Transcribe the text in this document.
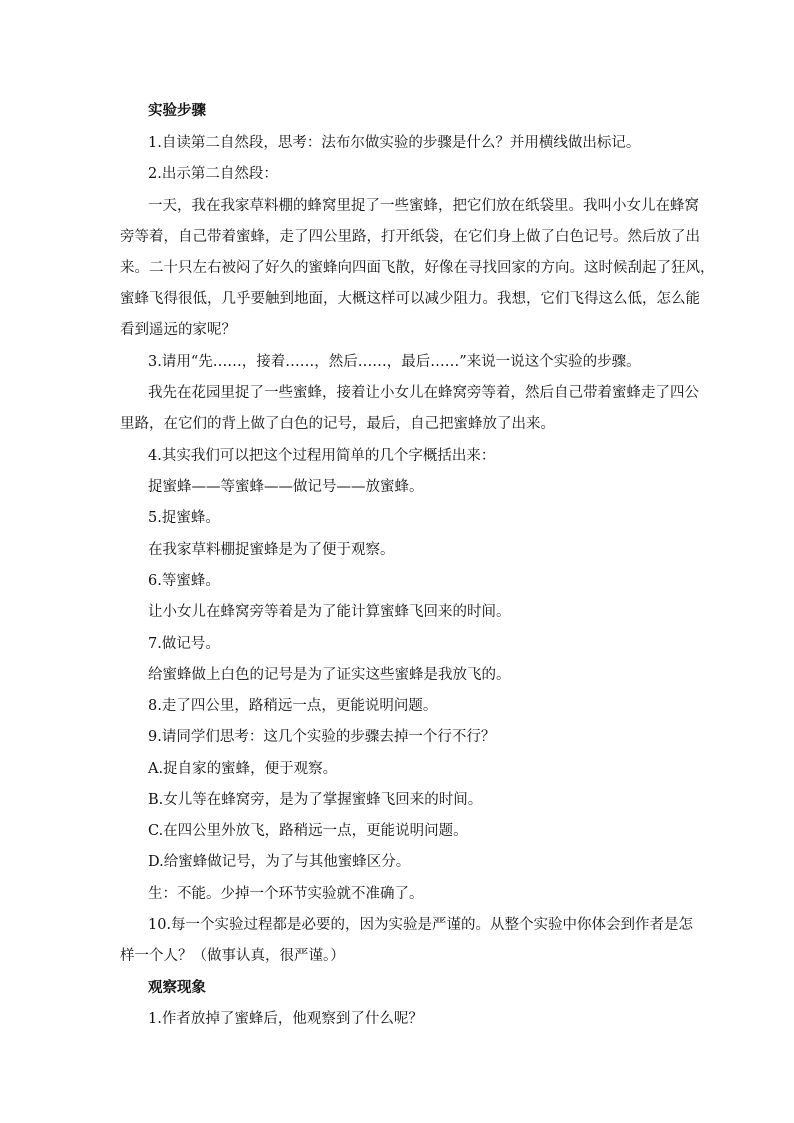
实验步骤
1.自读第二自然段，思考：法布尔做实验的步骤是什么？并用横线做出标记。
2.出示第二自然段：
一天，我在我家草料棚的蜂窝里捉了一些蜜蜂，把它们放在纸袋里。我叫小女儿在蜂窝
旁等着，自己带着蜜蜂，走了四公里路，打开纸袋，在它们身上做了白色记号。然后放了出
来。二十只左右被闷了好久的蜜蜂向四面飞散，好像在寻找回家的方向。这时候刮起了狂风，
蜜蜂飞得很低，几乎要触到地面，大概这样可以减少阻力。我想，它们飞得这么低，怎么能
看到遥远的家呢？
3.请用“先……，接着……，然后……，最后……”来说一说这个实验的步骤。
我先在花园里捉了一些蜜蜂，接着让小女儿在蜂窝旁等着，然后自己带着蜜蜂走了四公
里路，在它们的背上做了白色的记号，最后，自己把蜜蜂放了出来。
4.其实我们可以把这个过程用简单的几个字概括出来：
捉蜜蜂——等蜜蜂——做记号——放蜜蜂。
5.捉蜜蜂。
在我家草料棚捉蜜蜂是为了便于观察。
6.等蜜蜂。
让小女儿在蜂窝旁等着是为了能计算蜜蜂飞回来的时间。
7.做记号。
给蜜蜂做上白色的记号是为了证实这些蜜蜂是我放飞的。
8.走了四公里，路稍远一点，更能说明问题。
9.请同学们思考：这几个实验的步骤去掉一个行不行？
A.捉自家的蜜蜂，便于观察。
B.女儿等在蜂窝旁，是为了掌握蜜蜂飞回来的时间。
C.在四公里外放飞，路稍远一点，更能说明问题。
D.给蜜蜂做记号，为了与其他蜜蜂区分。
生：不能。少掉一个环节实验就不准确了。
10.每一个实验过程都是必要的，因为实验是严谨的。从整个实验中你体会到作者是怎
样一个人？（做事认真，很严谨。）
观察现象
1.作者放掉了蜜蜂后，他观察到了什么呢？
